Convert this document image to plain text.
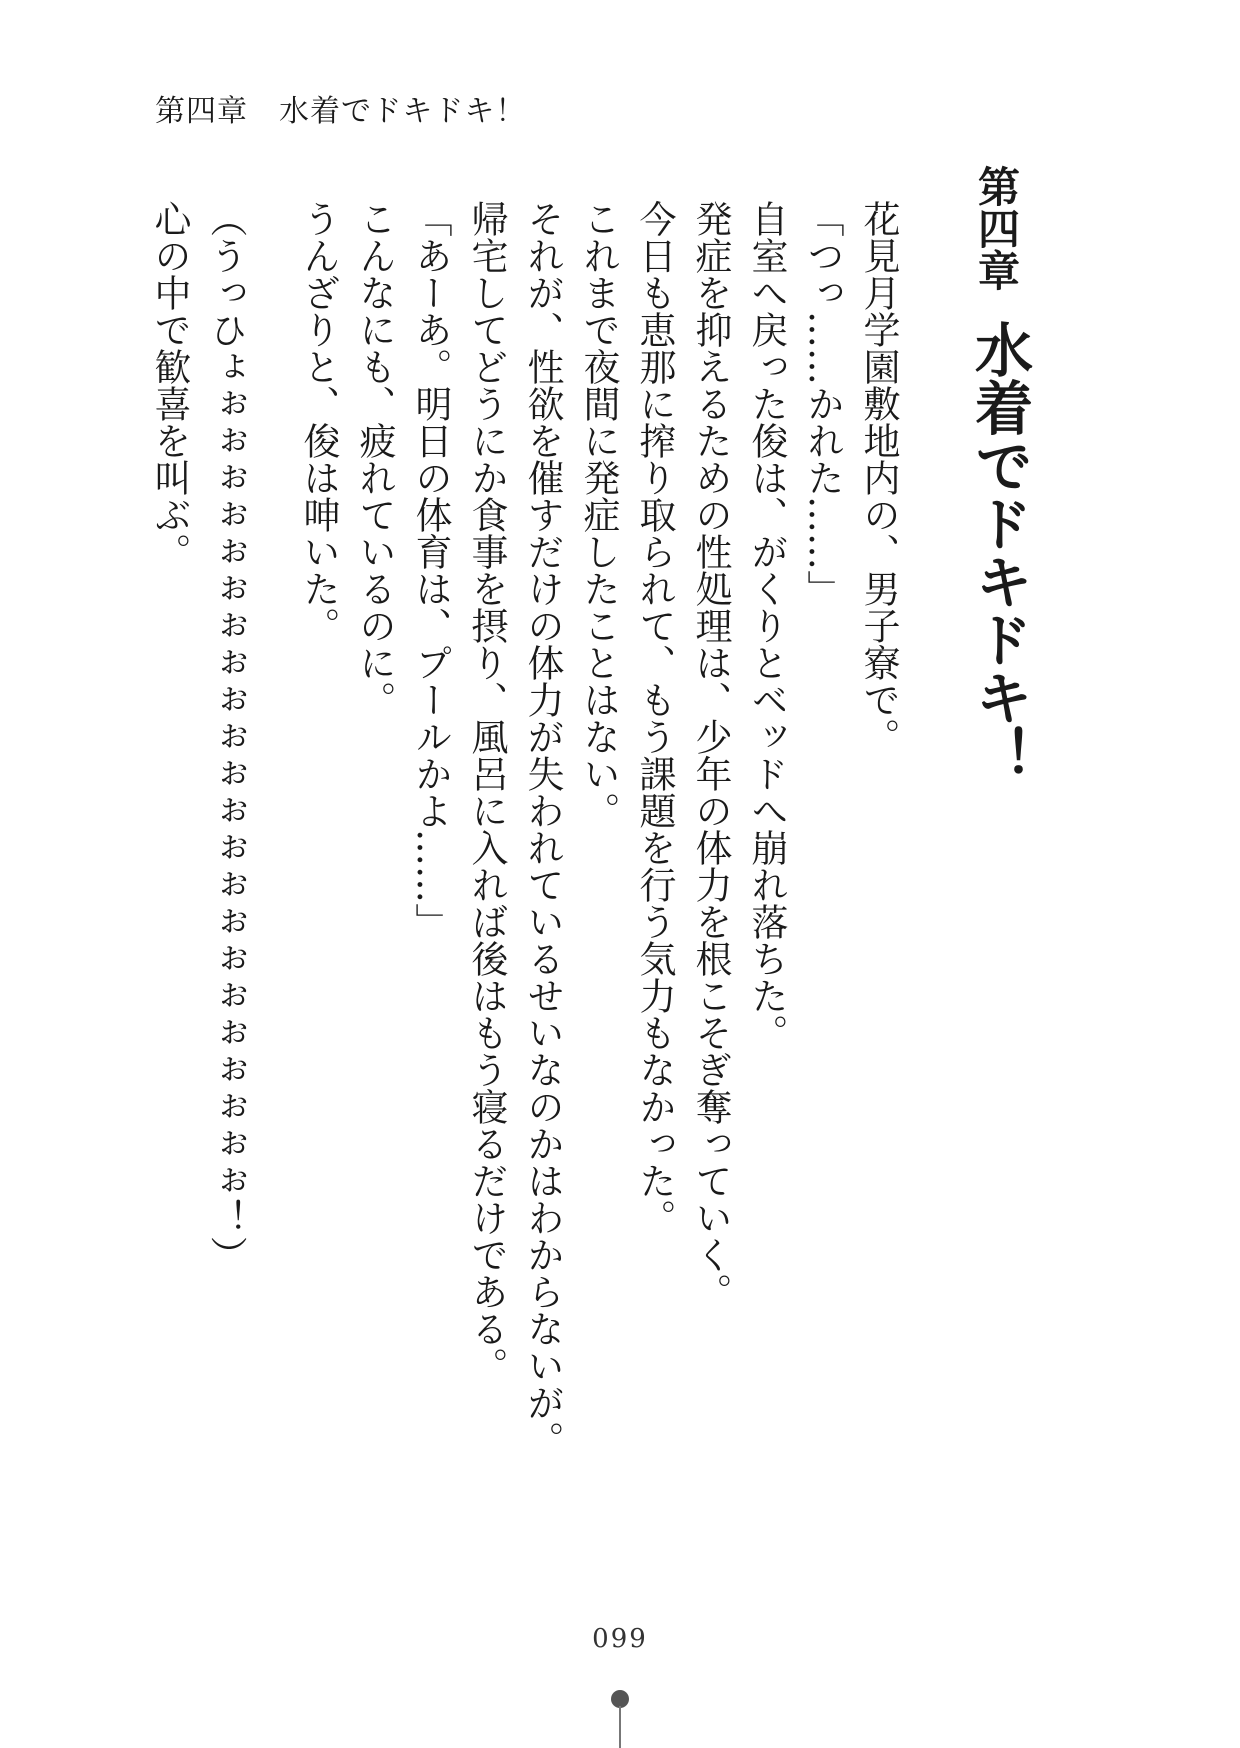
第四章　水着でドキドキ！
第四章
水着でドキドキ！
花見月学園敷地内の、男子寮で。
「つっ……かれた……」
自室へ戻った俊は、がくりとベッドへ崩れ落ちた。
発症を抑えるための性処理は、少年の体力を根こそぎ奪っていく。
今日も恵那に搾り取られて、もう課題を行う気力もなかった。
これまで夜間に発症したことはない。
それが、性欲を催すだけの体力が失われているせいなのかはわからないが。
帰宅してどうにか食事を摂り、風呂に入れば後はもう寝るだけである。
「あーあ。明日の体育は、プールかよ……」
こんなにも、疲れているのに。
うんざりと、俊は呻いた。
（うっひょぉぉぉぉぉぉぉぉぉぉぉぉぉぉぉぉぉぉぉぉぉぉ！）
心の中で歓喜を叫ぶ。
099
